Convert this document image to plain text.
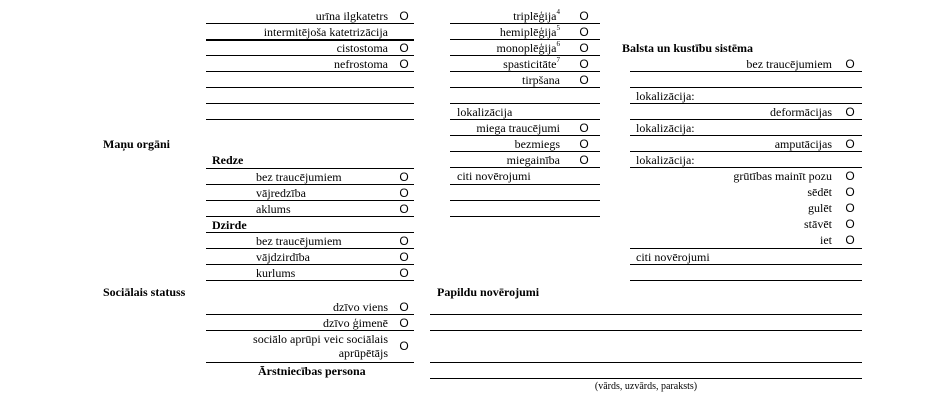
urīna ilgkatetrs O
intermitējoša katetrizācija
cistostoma O
nefrostoma O
Maņu orgāni
Redze
bez traucējumiem	O
vājredzība	O
aklums	O
Dzirde
bez traucējumiem	O
vājdzirdība	O
kurlums	O
Sociālais statuss
dzīvo viens O
dzīvo ģimenē O
sociālo aprūpi veic sociālais aprūpētājs O
Ārstniecības persona
triplēģija$^4$ O
hemiplēģija$^5$ O
monoplēģija$^6$ O
spasticitāte$^7$ O
tirpšana O
lokalizācija
miega traucējumi O
bezmiegs O
miegainība O
citi novērojumi
Papildu novērojumi
(vārds, uzvārds, paraksts)
Balsta un kustību sistēma
bez traucējumiem O
lokalizācija:
deformācijas O
lokalizācija:
amputācijas O
lokalizācija:
grūtības mainīt pozu O
sēdēt O
gulēt O
stāvēt O
iet O
citi novērojumi
